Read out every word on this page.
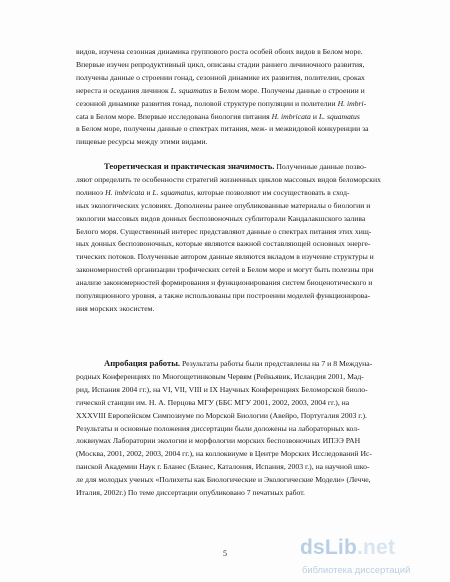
видов, изучена сезонная динамика группового роста особей обоих видов в Белом море.
Впервые изучен репродуктивный цикл, описаны стадии раннего личиночного развития,
получены данные о строении гонад, сезонной динамике их развития, полителии, сроках
нереста и оседания личинок L. squamatus в Белом море. Получены данные о строении и
сезонной динамике развития гонад, половой структуре популяции и полителии H. imbri-
cata в Белом море. Впервые исследована биология питания H. imbricata и L. squamatus
в Белом море, получены данные о спектрах питания, меж- и межвидовой конкуренции за
пищевые ресурсы между этими видами.
Теоретическая и практическая значимость. Полученные данные позво-
ляют определить те особенности стратегий жизненных циклов массовых видов беломорских
полиноэ H. imbricata и L. squamatus, которые позволяют им сосуществовать в сход-
ных экологических условиях. Дополнены ранее опубликованные материалы о биологии и
экологии массовых видов донных беспозвоночных сублиторали Кандалакшского залива
Белого моря. Существенный интерес представляют данные о спектрах питания этих хищ-
ных донных беспозвоночных, которые являются важной составляющей основных энерге-
тических потоков. Полученные автором данные являются вкладом в изучение структуры и
закономерностей организации трофических сетей в Белом море и могут быть полезны при
анализе закономерностей формирования и функционирования систем биоценотического и
популяционного уровня, а также использованы при построении моделей функционирова-
ния морских экосистем.
Апробация работы. Результаты работы были представлены на 7 и 8 Междуна-
родных Конференциях по Многощетинковым Червям (Рейкьявик, Исландия 2001, Мад-
рид, Испания 2004 гг.), на VI, VII, VIII и IX Научных Конференциях Беломорской биоло-
гической станции им. Н. А. Перцова МГУ (ББС МГУ 2001, 2002, 2003, 2004 гг.), на
XXXVIII Европейском Симпозиуме по Морской Биологии (Авейро, Португалия 2003 г.).
Результаты и основные положения диссертации были доложены на лабораторных кол-
локвиумах Лаборатории экологии и морфологии морских беспозвоночных ИПЭЭ РАН
(Москва, 2001, 2002, 2003, 2004 гг.), на коллоквиуме в Центре Морских Исследований Ис-
панской Академии Наук г. Бланес (Бланес, Каталония, Испания, 2003 г.), на научной шко-
ле для молодых ученых «Полихеты как Биологические и Экологические Модели» (Лечче,
Италия, 2002г.) По теме диссертации опубликовано 7 печатных работ.
5	dsLib.net
библиотека диссертаций
